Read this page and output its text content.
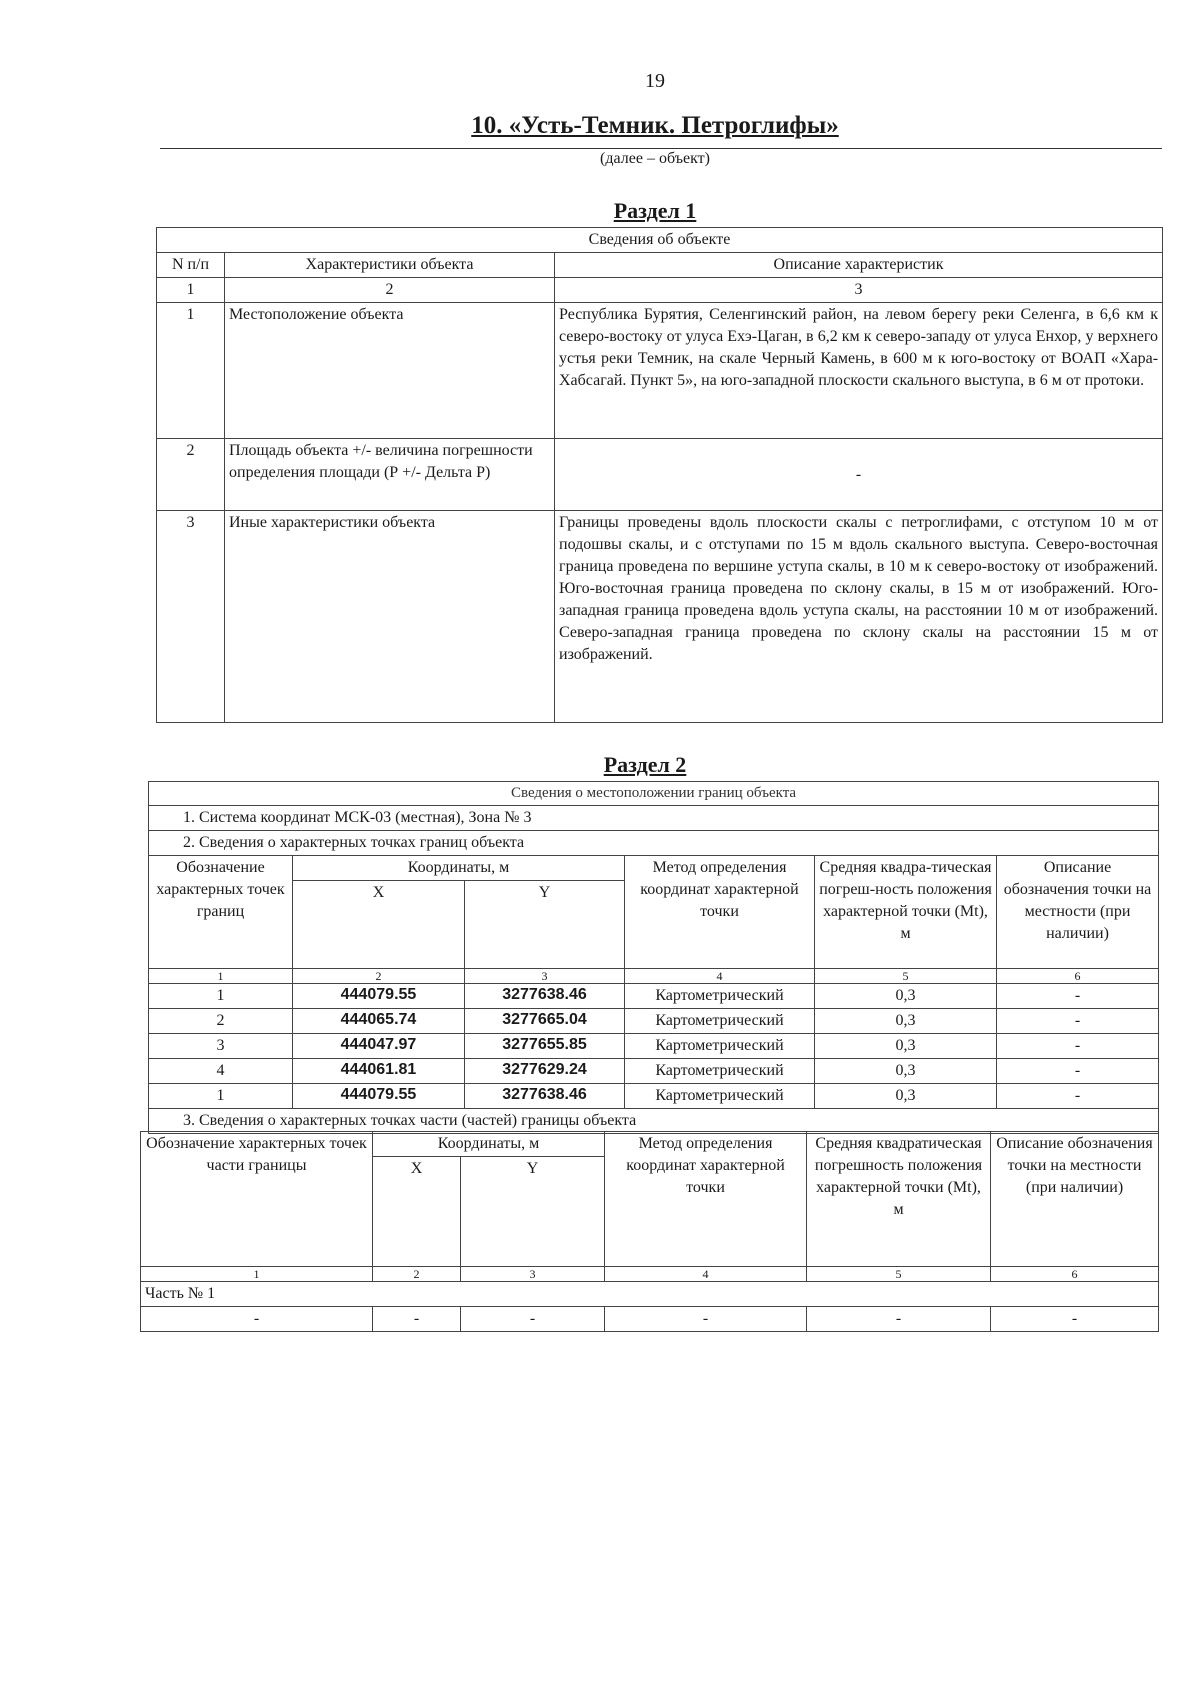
19
10. «Усть-Темник. Петроглифы»
(далее – объект)
Раздел 1
Сведения об объекте		
N п/п	Характеристики объекта	Описание характеристик
1	2	3
1	Местоположение объекта	Республика Бурятия, Селенгинский район, на левом берегу реки Селенга, в 6,6 км к северо-востоку от улуса Ехэ-Цаган, в 6,2 км к северо-западу от улуса Енхор, у верхнего устья реки Темник, на скале Черный Камень, в 600 м к юго-востоку от ВОАП «Хара-Хабсагай. Пункт 5», на юго-западной плоскости скального выступа, в 6 м от протоки.
2	Площадь объекта +/- величина погрешности определения площади (Р +/- Дельта Р)	-
3	Иные характеристики объекта	Границы проведены вдоль плоскости скалы с петроглифами, с отступом 10 м от подошвы скалы, и с отступами по 15 м вдоль скального выступа. Северо-восточная граница проведена по вершине уступа скалы, в 10 м к северо-востоку от изображений. Юго-восточная граница проведена по склону скалы, в 15 м от изображений. Юго-западная граница проведена вдоль уступа скалы, на расстоянии 10 м от изображений. Северо-западная граница проведена по склону скалы на расстоянии 15 м от изображений.
Раздел 2
Сведения о местоположении границ объекта					
1. Система координат МСК-03 (местная), Зона № 3					
2. Сведения о характерных точках границ объекта					
Обозначение характерных точек границ	Координаты, м		Метод определения координат характерной точки	Средняя квадра-тическая погреш-ность положения характерной точки (Mt), м	Описание обозначения точки на местности (при наличии)
	X	Y			
1	2	3	4	5	6
1	444079.55	3277638.46	Картометрический	0,3	-
2	444065.74	3277665.04	Картометрический	0,3	-
3	444047.97	3277655.85	Картометрический	0,3	-
4	444061.81	3277629.24	Картометрический	0,3	-
1	444079.55	3277638.46	Картометрический	0,3	-
3. Сведения о характерных точках части (частей) границы объекта					
Обозначение характерных точек части границы	Координаты, м		Метод определения координат характерной точки	Средняя квадратическая погрешность положения характерной точки (Mt), м	Описание обозначения точки на местности (при наличии)
	X	Y			
1	2	3	4	5	6
Часть № 1					
-	-	-	-	-	-
